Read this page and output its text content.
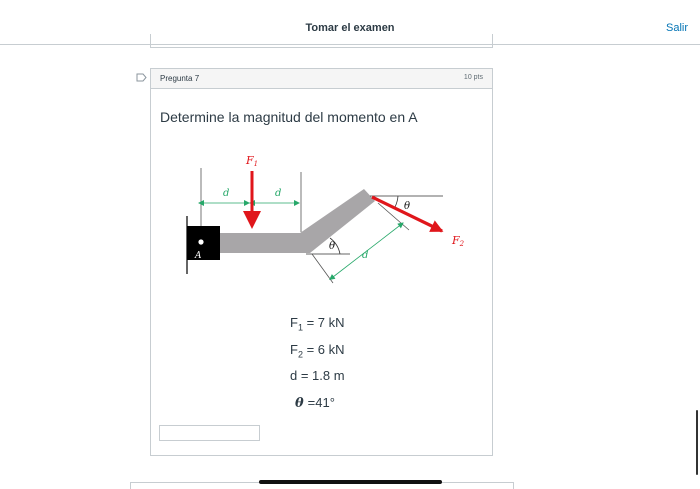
Tomar el examen	Salir
Pregunta 7	10 pts
Determine la magnitud del momento en A
A
d	d
F1
θ
d
θ
F2
$F_1 = 7$ kN
$F_2 = 6$ kN
d = 1.8 m
θ =41°
